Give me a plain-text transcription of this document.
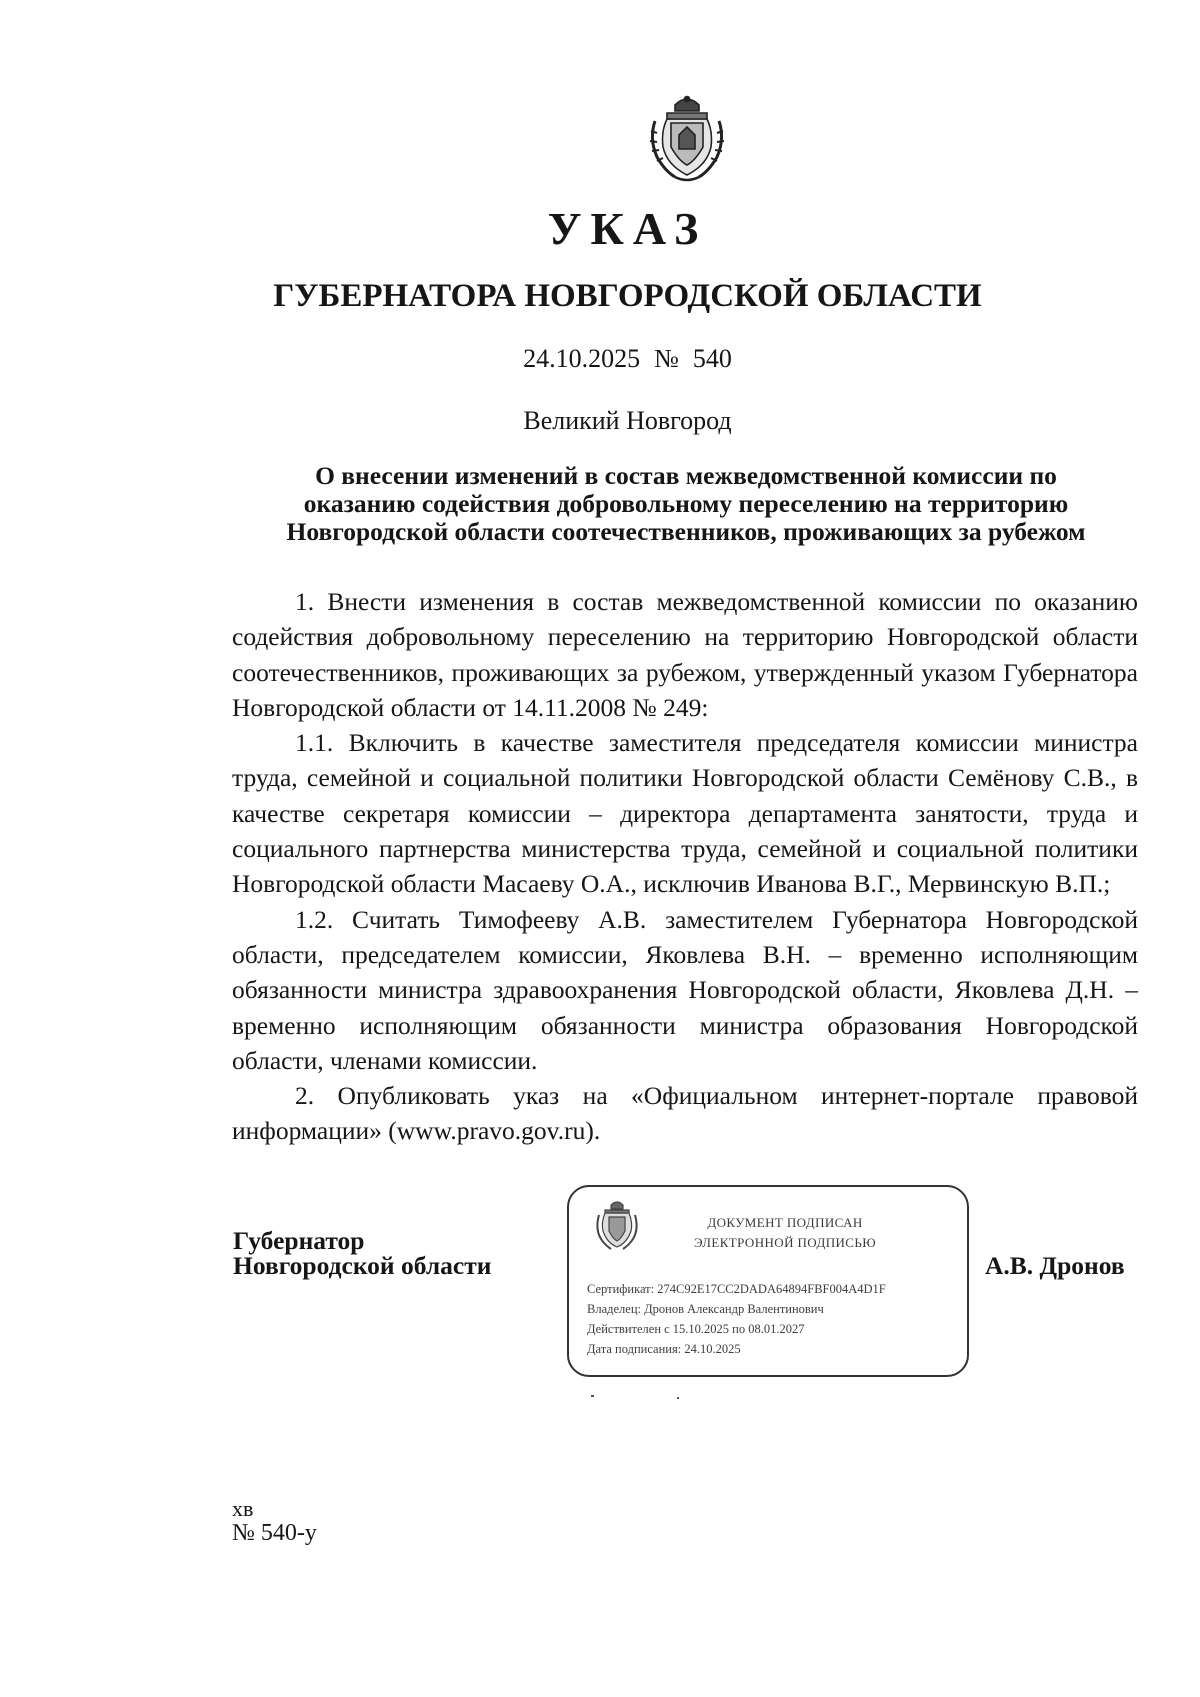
УКАЗ
ГУБЕРНАТОРА НОВГОРОДСКОЙ ОБЛАСТИ
24.10.2025 № 540
Великий Новгород
О внесении изменений в состав межведомственной комиссии по
оказанию содействия добровольному переселению на территорию
Новгородской области соотечественников, проживающих за рубежом

1. Внести изменения в состав межведомственной комиссии по оказанию содействия добровольному переселению на территорию Новгородской области соотечественников, проживающих за рубежом, утвержденный указом Губернатора Новгородской области от 14.11.2008 № 249:

1.1. Включить в качестве заместителя председателя комиссии министра труда, семейной и социальной политики Новгородской области Семёнову С.В., в качестве секретаря комиссии – директора департамента занятости, труда и социального партнерства министерства труда, семейной и социальной политики Новгородской области Масаеву О.А., исключив Иванова В.Г., Мервинскую В.П.;

1.2. Считать Тимофееву А.В. заместителем Губернатора Новгородской области, председателем комиссии, Яковлева В.Н. – временно исполняющим обязанности министра здравоохранения Новгородской области, Яковлева Д.Н. – временно исполняющим обязанности министра образования Новгородской области, членами комиссии.

2. Опубликовать указ на «Официальном интернет-портале правовой информации» (www.pravo.gov.ru).

Губернатор
Новгородской области
ДОКУМЕНТ ПОДПИСАН
ЭЛЕКТРОННОЙ ПОДПИСЬЮ
Сертификат: 274C92E17CC2DADA64894FBF004A4D1F
Владелец: Дронов Александр Валентинович
Действителен с 15.10.2025 по 08.01.2027
Дата подписания: 24.10.2025
А.В. Дронов
хв
№ 540-у
